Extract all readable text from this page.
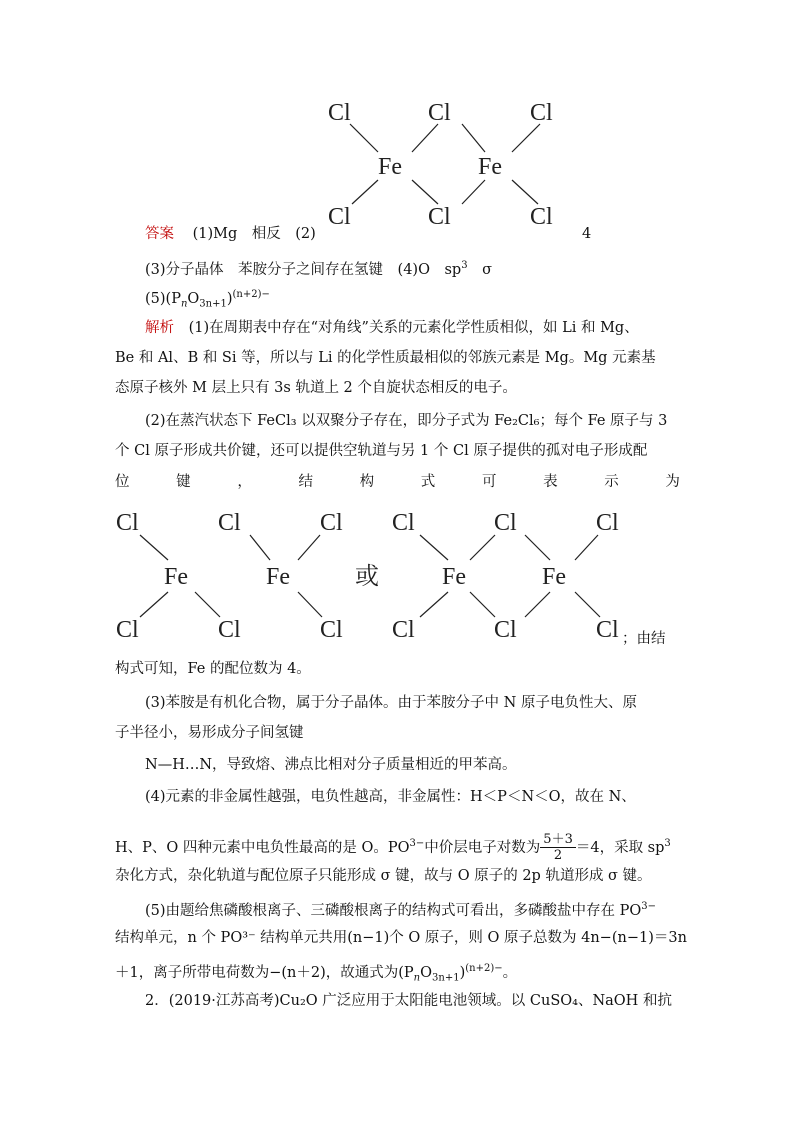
Cl	Cl	Cl
Fe	Fe
Cl	Cl	Cl
答案 (1)Mg　相反　(2)	4
(3)分子晶体　苯胺分子之间存在氢键　(4)O　$sp^3$　σ
$(5)(P_nO_{3n+1})^{(n+2)-}$
解析 (1)在周期表中存在“对角线”关系的元素化学性质相似，如 Li 和 Mg、
Be 和 Al、B 和 Si 等，所以与 Li 的化学性质最相似的邻族元素是 Mg。Mg 元素基
态原子核外 M 层上只有 3s 轨道上 2 个自旋状态相反的电子。
(2)在蒸汽状态下 FeCl₃ 以双聚分子存在，即分子式为 Fe₂Cl₆；每个 Fe 原子与 3
个 Cl 原子形成共价键，还可以提供空轨道与另 1 个 Cl 原子提供的孤对电子形成配
位	键	，	结	构	式	可	表	示	为
Cl	Cl	Cl
Fe	Fe
Cl	Cl	Cl
或
Cl	Cl	Cl
Fe	Fe
Cl	Cl	Cl ；由结
构式可知，Fe 的配位数为 4。
(3)苯胺是有机化合物，属于分子晶体。由于苯胺分子中 N 原子电负性大、原
子半径小，易形成分子间氢键
N—H…N，导致熔、沸点比相对分子质量相近的甲苯高。
(4)元素的非金属性越强，电负性越高，非金属性：H＜P＜N＜O，故在 N、
H、P、O 四种元素中电负性最高的是 O。$PO^{3-}$中价层电子对数为 $\frac{5+3}{2} =4$，采取 $sp^3$
杂化方式，杂化轨道与配位原子只能形成 σ 键，故与 O 原子的 2p 轨道形成 σ 键。
(5)由题给焦磷酸根离子、三磷酸根离子的结构式可看出，多磷酸盐中存在 $PO^{3-}$
结构单元，n 个 PO³⁻ 结构单元共用(n−1)个 O 原子，则 O 原子总数为 4n−(n−1)＝3n
＋1，离子所带电荷数为−(n＋2)，故通式为$(P_nO_{3n+1})^{(n+2)-}$。
2．(2019·江苏高考)Cu₂O 广泛应用于太阳能电池领域。以 CuSO₄、NaOH 和抗
